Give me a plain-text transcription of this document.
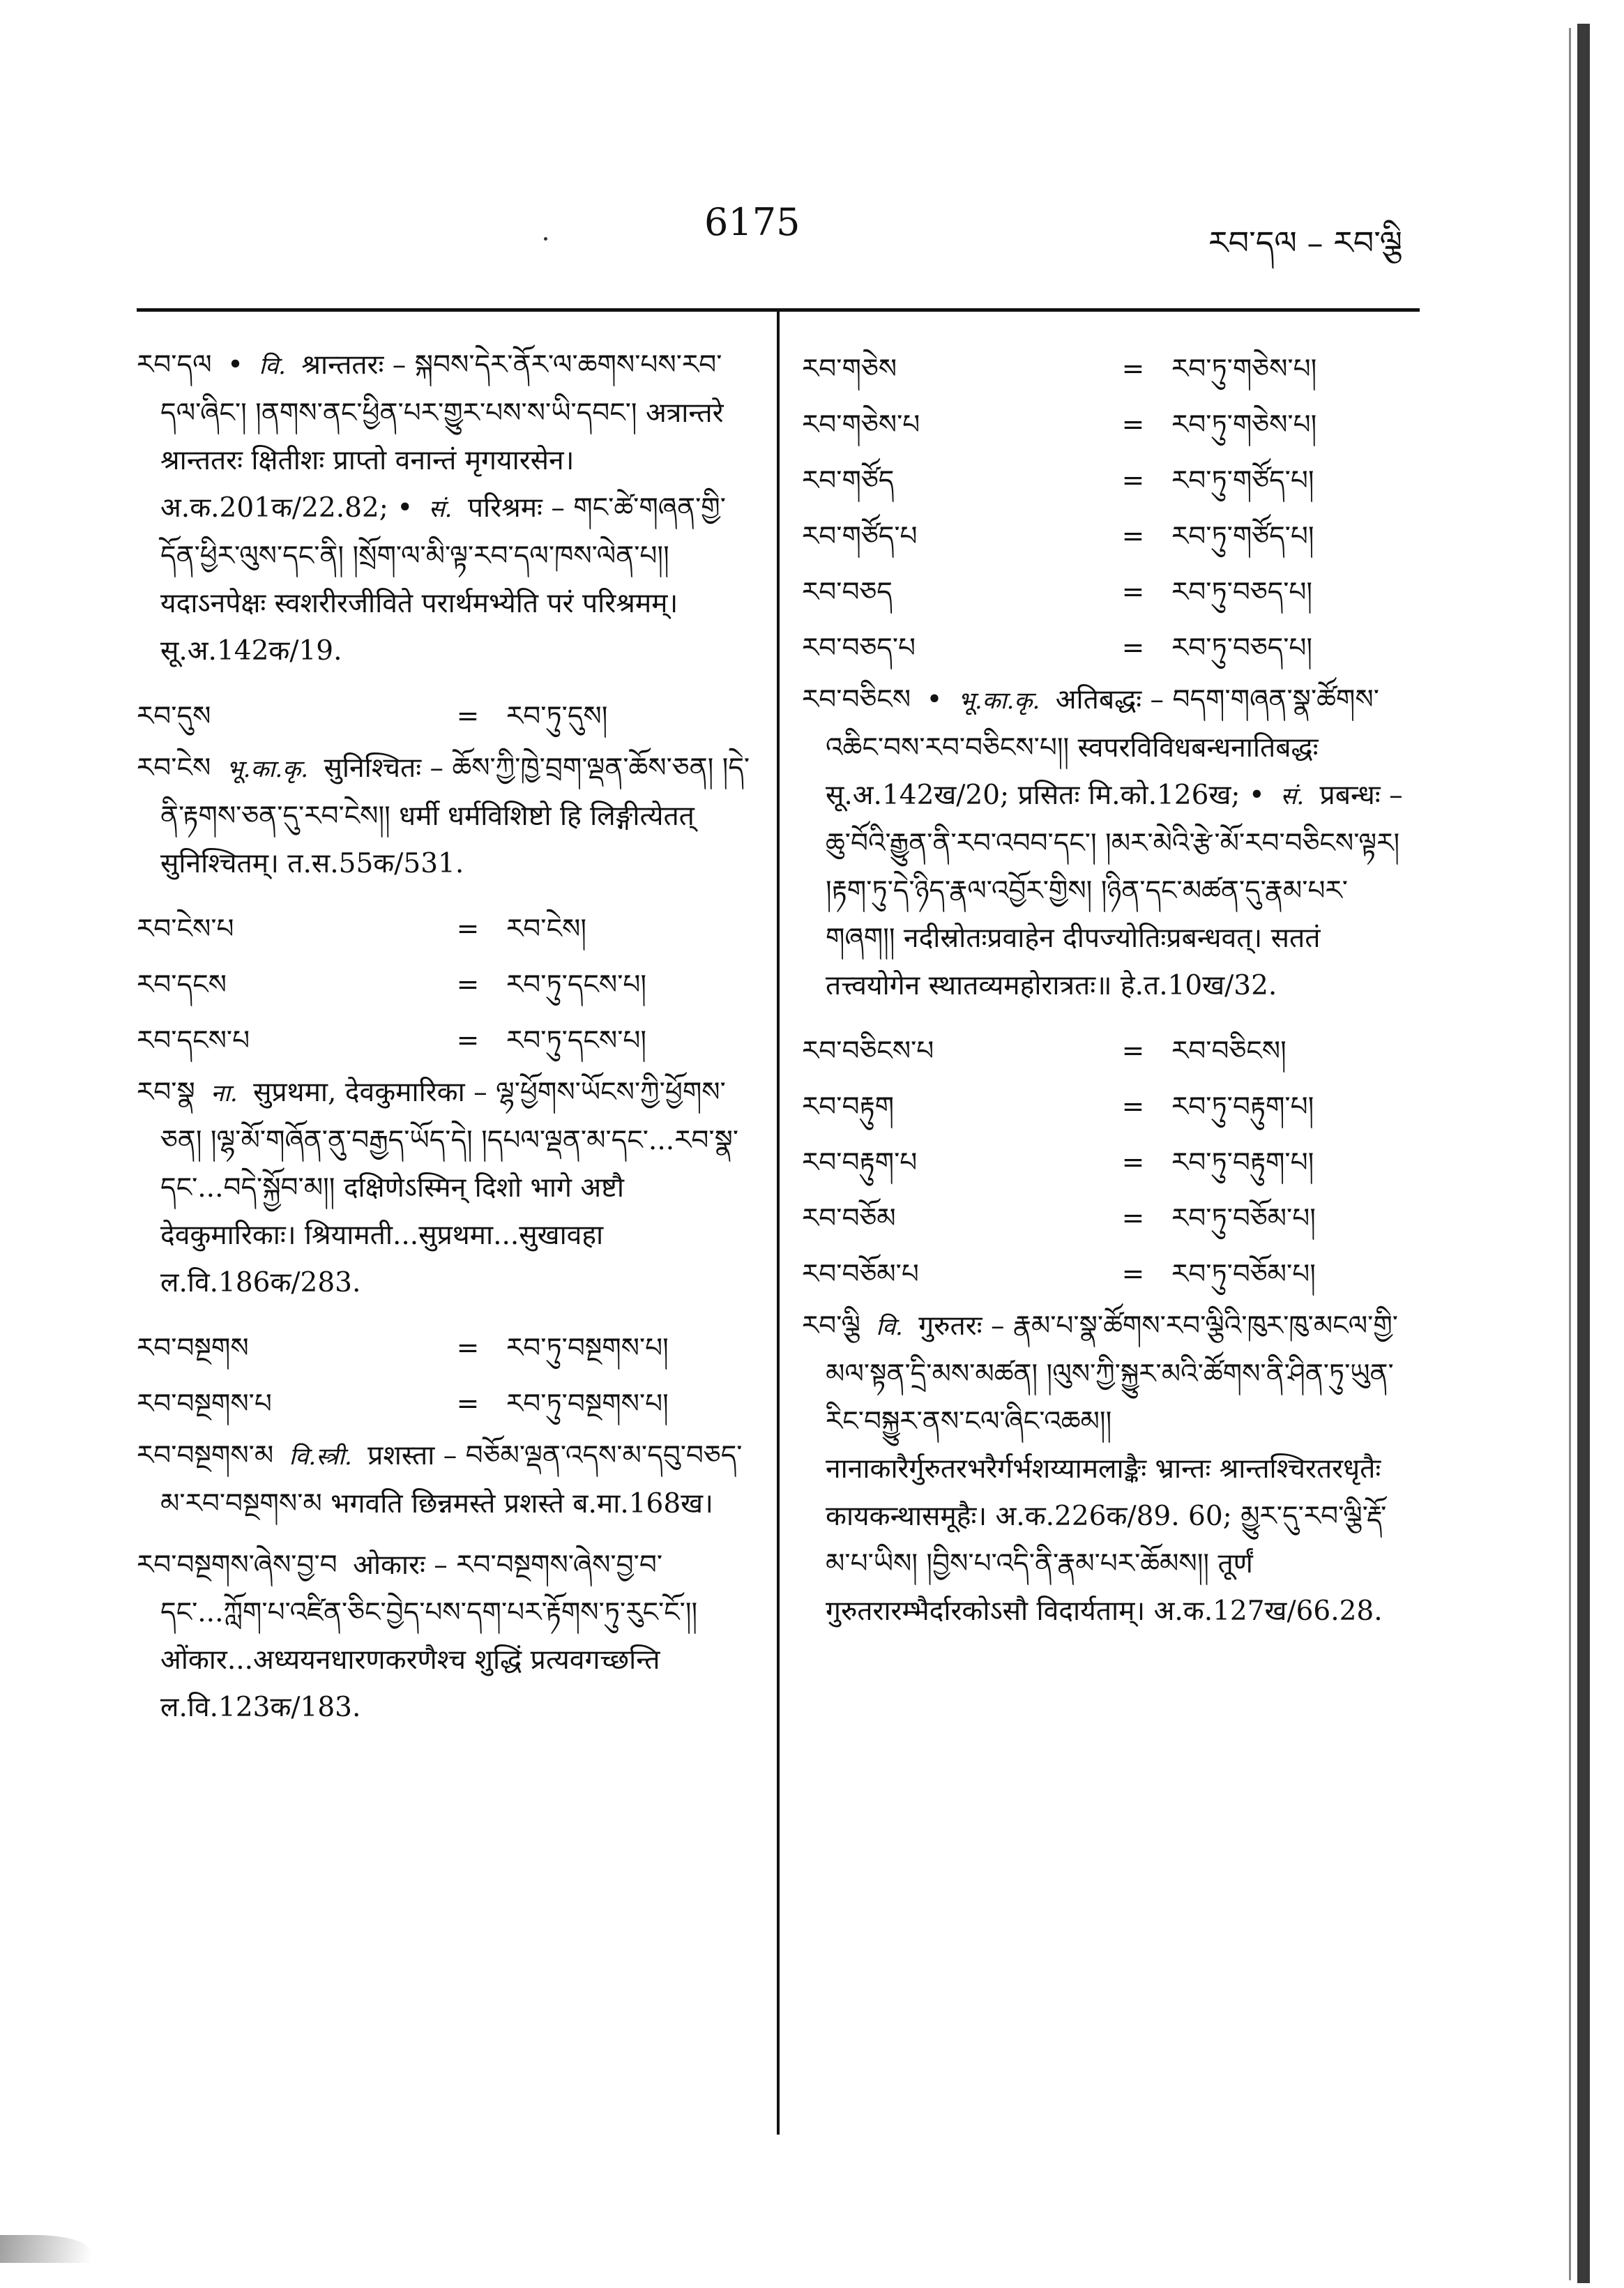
6175	རབ་དལ – རབ་ལྕི

རབ་དལ • वि. श्रान्ततरः – སྐབས་དེར་ནོར་ལ་ཆགས་པས་རབ་དལ་ཞིང་། །ནགས་ནང་ཕྱིན་པར་གྱུར་པས་ས་ཡི་དབང་། अत्रान्तरे श्रान्ततरः क्षितीशः प्राप्तो वनान्तं मृगयारसेन। अ.क.201क/22.82; • सं. परिश्रमः – གང་ཚེ་གཞན་གྱི་དོན་ཕྱིར་ལུས་དང་ནི། །སྲོག་ལ་མི་ལྟ་རབ་དལ་ཁས་ལེན་པ།། यदाऽनपेक्षः स्वशरीरजीविते परार्थमभ्येति परं परिश्रमम्। सू.अ.142क/19.

རབ་དུས	= རབ་ཏུ་དུས།

རབ་ངེས भू.का.कृ. सुनिश्चितः – ཆོས་ཀྱི་ཁྱེ་བྲག་ལྡན་ཆོས་ཅན། །དེ་ནི་རྟགས་ཅན་དུ་རབ་ངེས།། धर्मी धर्मविशिष्टो हि लिङ्गीत्येतत् सुनिश्चितम्। त.स.55क/531.

རབ་ངེས་པ	= རབ་ངེས།
རབ་དངས	= རབ་ཏུ་དངས་པ།
རབ་དངས་པ	= རབ་ཏུ་དངས་པ།

རབ་སྣ ना. सुप्रथमा, देवकुमारिका – ལྷ་ཕྱོགས་ཡོངས་ཀྱི་ཕྱོགས་ཅན། །ལྷ་མོ་གཞོན་ནུ་བརྒྱད་ཡོད་དེ། །དཔལ་ལྡན་མ་དང་...རབ་སྣ་དང་...བདེ་སྐྱོབ་མ།། दक्षिणेऽस्मिन् दिशो भागे अष्टौ देवकुमारिकाः। श्रियामती...सुप्रथमा...सुखावहा ल.वि.186क/283.

རབ་བསྔགས	= རབ་ཏུ་བསྔགས་པ།
རབ་བསྔགས་པ	= རབ་ཏུ་བསྔགས་པ།

རབ་བསྔགས་མ वि.स्त्री. प्रशस्ता – བཅོམ་ལྡན་འདས་མ་དབུ་བཅད་མ་རབ་བསྔགས་མ भगवति छिन्नमस्ते प्रशस्ते ब.मा.168ख।

རབ་བསྔགས་ཞེས་བྱ་བ ओकारः – རབ་བསྔགས་ཞེས་བྱ་བ་དང་...ཀློག་པ་འཛིན་ཅིང་བྱེད་པས་དག་པར་རྟོགས་ཏུ་རུང་ངོ་།། ओंकार...अध्ययनधारणकरणैश्च शुद्धिं प्रत्यवगच्छन्ति ल.वि.123क/183.

རབ་གཅེས	= རབ་ཏུ་གཅེས་པ།
རབ་གཅེས་པ	= རབ་ཏུ་གཅེས་པ།
རབ་གཙོད	= རབ་ཏུ་གཙོད་པ།
རབ་གཙོད་པ	= རབ་ཏུ་གཙོད་པ།
རབ་བཅད	= རབ་ཏུ་བཅད་པ།
རབ་བཅད་པ	= རབ་ཏུ་བཅད་པ།

རབ་བཅིངས • भू.का.कृ. अतिबद्धः – བདག་གཞན་སྣ་ཚོགས་འཆིང་བས་རབ་བཅིངས་པ།། स्वपरविविधबन्धनातिबद्धः सू.अ.142ख/20; प्रसितः मि.को.126ख; • सं. प्रबन्धः – ཆུ་བོའི་རྒྱུན་ནི་རབ་འབབ་དང་། །མར་མེའི་རྩེ་མོ་རབ་བཅིངས་ལྟར། །རྟག་ཏུ་དེ་ཉིད་རྣལ་འབྱོར་གྱིས། །ཉིན་དང་མཚན་དུ་རྣམ་པར་གཞག།། नदीस्रोतःप्रवाहेन दीपज्योतिःप्रबन्धवत्। सततं तत्त्वयोगेन स्थातव्यमहोरात्रतः॥ हे.त.10ख/32.

རབ་བཅིངས་པ	= རབ་བཅིངས།
རབ་བརྟུག	= རབ་ཏུ་བརྟུག་པ།
རབ་བརྟུག་པ	= རབ་ཏུ་བརྟུག་པ།
རབ་བཅོམ	= རབ་ཏུ་བཅོམ་པ།
རབ་བཅོམ་པ	= རབ་ཏུ་བཅོམ་པ།

རབ་ལྕི वि. गुरुतरः – རྣམ་པ་སྣ་ཚོགས་རབ་ལྕིའི་ཁུར་ཁུ་མངལ་གྱི་མལ་སྟན་དྲི་མས་མཚན། །ལུས་ཀྱི་སྐྱུར་མའི་ཚོགས་ནི་ཤིན་ཏུ་ཡུན་རིང་བསྐྱུར་ནས་ངལ་ཞིང་འཆམ།། नानाकारैर्गुरुतरभरैर्गर्भशय्यामलाङ्कैः भ्रान्तः श्रान्तश्चिरतरधृतैः कायकन्थासमूहैः। अ.क.226क/89. 60; མྱུར་དུ་རབ་ལྕི་རྡོ་མ་པ་ཡིས། །བྱིས་པ་འདི་ནི་རྣམ་པར་ཆོམས།། तूर्णं गुरुतरारम्भैर्दारकोऽसौ विदार्यताम्। अ.क.127ख/66.28.
